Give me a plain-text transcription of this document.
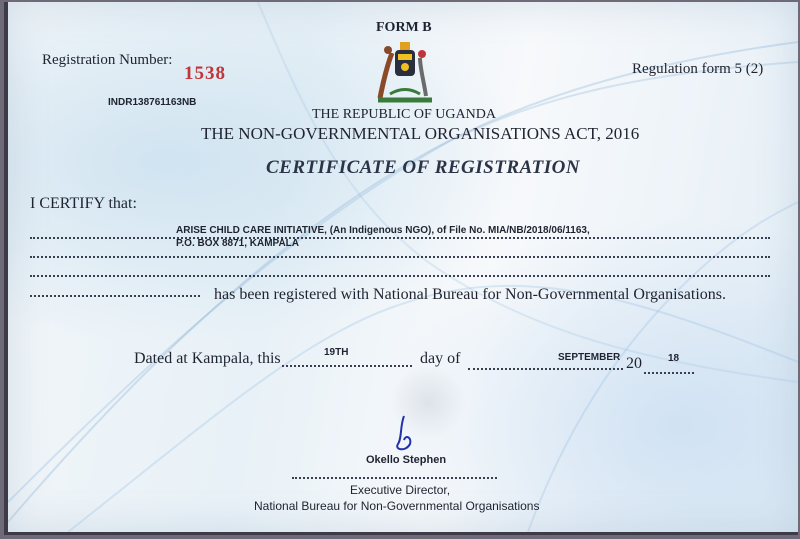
FORM B
Registration Number:
1538
INDR138761163NB
Regulation form 5 (2)
THE REPUBLIC OF UGANDA
THE NON-GOVERNMENTAL ORGANISATIONS ACT, 2016
CERTIFICATE OF REGISTRATION
I CERTIFY that:
ARISE CHILD CARE INITIATIVE, (An Indigenous NGO), of File No. MIA/NB/2018/06/1163,
P.O. BOX 8871, KAMPALA
has been registered with National Bureau for Non-Governmental Organisations.
Dated at Kampala, this	19TH	day of	SEPTEMBER 20	18
Okello Stephen
Executive Director,
National Bureau for Non-Governmental Organisations
